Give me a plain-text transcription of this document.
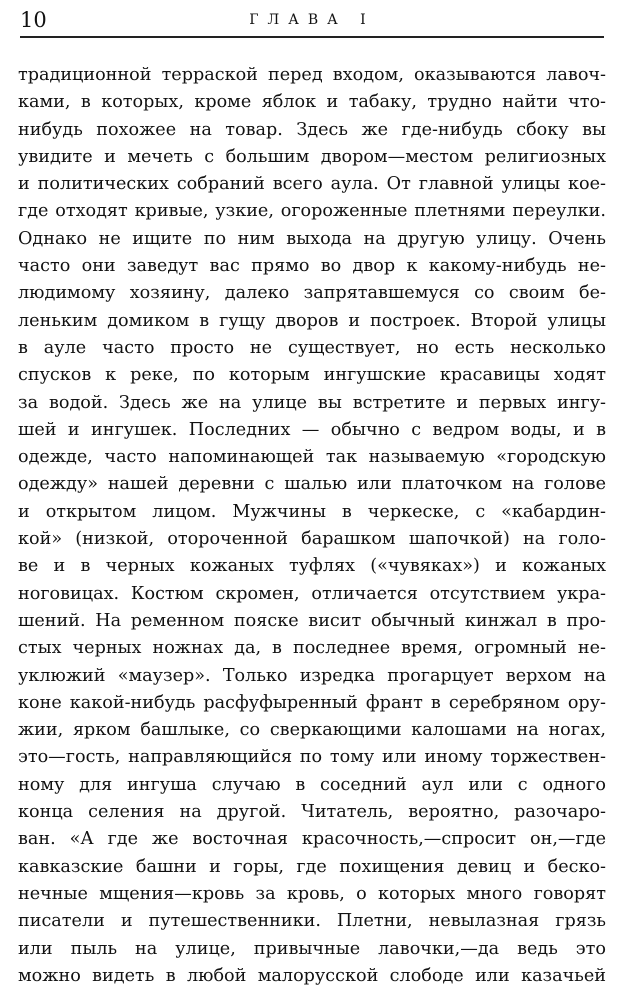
10	ГЛАВА I
традиционной терраской перед входом, оказываются лавоч-
ками, в которых, кроме яблок и табаку, трудно найти что-
нибудь похожее на товар. Здесь же где-нибудь сбоку вы
увидите и мечеть с большим двором—местом религиозных
и политических собраний всего аула. От главной улицы кое-
где отходят кривые, узкие, огороженные плетнями переулки.
Однако не ищите по ним выхода на другую улицу. Очень
часто они заведут вас прямо во двор к какому-нибудь не-
людимому хозяину, далеко запрятавшемуся со своим бе-
леньким домиком в гущу дворов и построек. Второй улицы
в ауле часто просто не существует, но есть несколько
спусков к реке, по которым ингушские красавицы ходят
за водой. Здесь же на улице вы встретите и первых ингу-
шей и ингушек. Последних — обычно с ведром воды, и в
одежде, часто напоминающей так называемую «городскую
одежду» нашей деревни с шалью или платочком на голове
и открытом лицом. Мужчины в черкеске, с «кабардин-
кой» (низкой, отороченной барашком шапочкой) на голо-
ве и в черных кожаных туфлях («чувяках») и кожаных
ноговицах. Костюм скромен, отличается отсутствием укра-
шений. На ременном пояске висит обычный кинжал в про-
стых черных ножнах да, в последнее время, огромный не-
уклюжий «маузер». Только изредка прогарцует верхом на
коне какой-нибудь расфуфыренный франт в серебряном ору-
жии, ярком башлыке, со сверкающими калошами на ногах,
это—гость, направляющийся по тому или иному торжествен-
ному для ингуша случаю в соседний аул или с одного
конца селения на другой. Читатель, вероятно, разочаро-
ван. «А где же восточная красочность,—спросит он,—где
кавказские башни и горы, где похищения девиц и беско-
нечные мщения—кровь за кровь, о которых много говорят
писатели и путешественники. Плетни, невылазная грязь
или пыль на улице, привычные лавочки,—да ведь это
можно видеть в любой малорусской слободе или казачьей
